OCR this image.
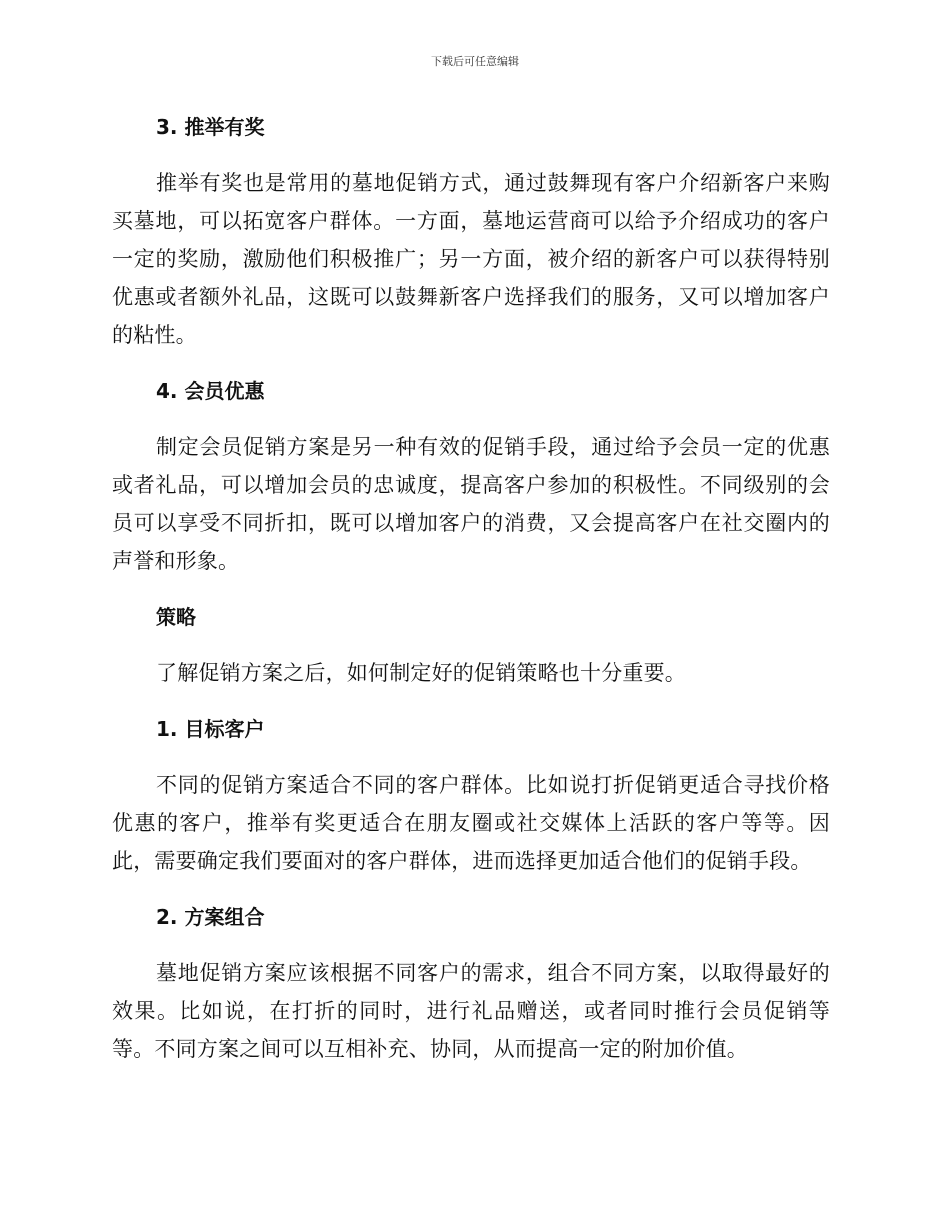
下载后可任意编辑
3. 推举有奖

推举有奖也是常用的墓地促销方式，通过鼓舞现有客户介绍新客户来购买墓地，可以拓宽客户群体。一方面，墓地运营商可以给予介绍成功的客户一定的奖励，激励他们积极推广；另一方面，被介绍的新客户可以获得特别优惠或者额外礼品，这既可以鼓舞新客户选择我们的服务，又可以增加客户的粘性。

4. 会员优惠

制定会员促销方案是另一种有效的促销手段，通过给予会员一定的优惠或者礼品，可以增加会员的忠诚度，提高客户参加的积极性。不同级别的会员可以享受不同折扣，既可以增加客户的消费，又会提高客户在社交圈内的声誉和形象。

策略

了解促销方案之后，如何制定好的促销策略也十分重要。

1. 目标客户

不同的促销方案适合不同的客户群体。比如说打折促销更适合寻找价格优惠的客户，推举有奖更适合在朋友圈或社交媒体上活跃的客户等等。因此，需要确定我们要面对的客户群体，进而选择更加适合他们的促销手段。

2. 方案组合

墓地促销方案应该根据不同客户的需求，组合不同方案，以取得最好的效果。比如说，在打折的同时，进行礼品赠送，或者同时推行会员促销等等。不同方案之间可以互相补充、协同，从而提高一定的附加价值。
